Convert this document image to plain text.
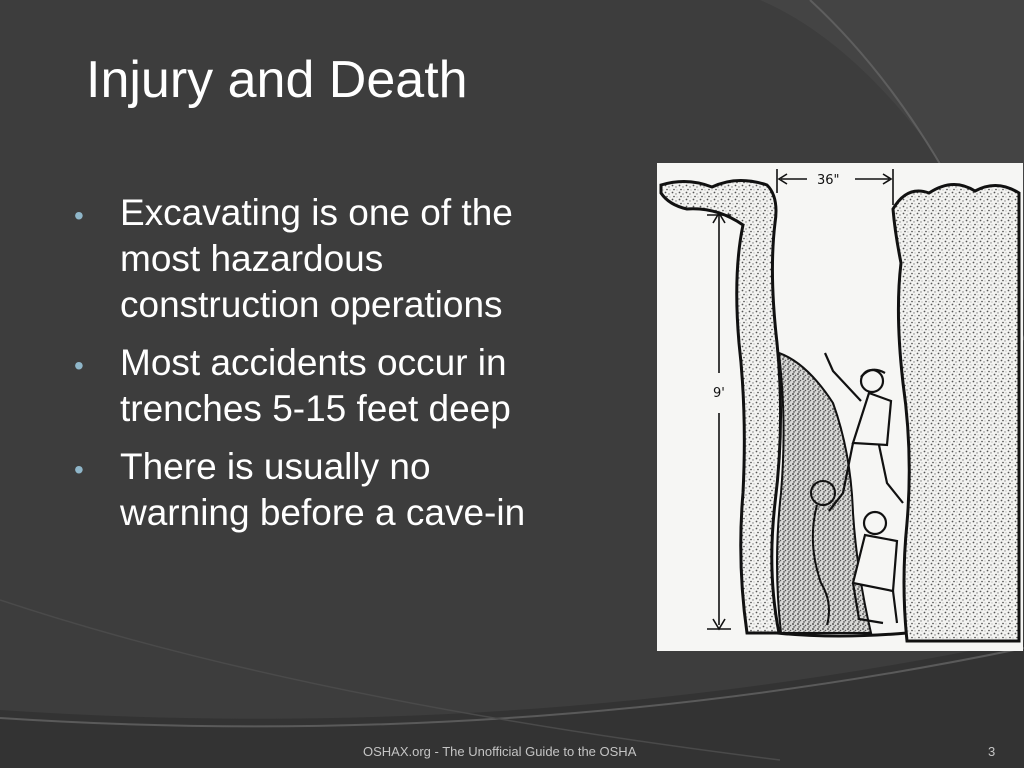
Injury and Death
• Excavating is one of the
most hazardous
construction operations
• Most accidents occur in
trenches 5-15 feet deep
• There is usually no
warning before a cave-in
9'
36"
OSHAX.org - The Unofficial Guide to the OSHA	3
